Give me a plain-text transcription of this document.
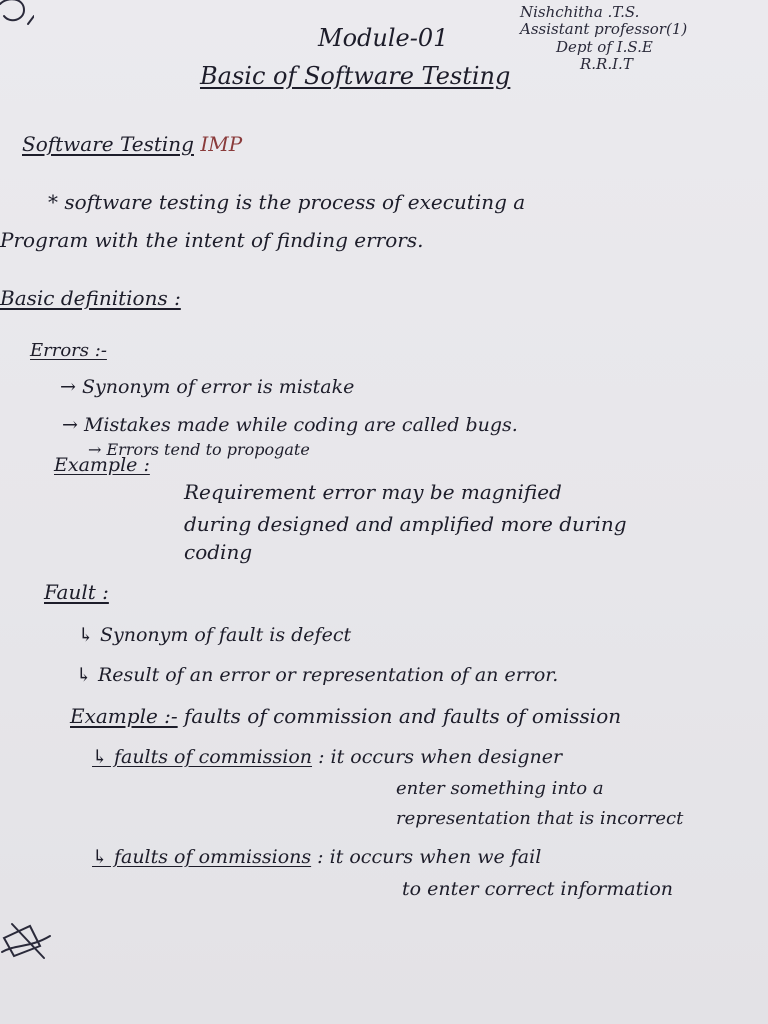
Module-01
Basic of Software Testing
Nishchitha .T.S.
Assistant professor(1)
Dept of I.S.E
R.R.I.T
Software Testing IMP
* software testing is the process of executing a
Program with the intent of finding errors.
Basic definitions :
Errors :-
→ Synonym of error is mistake
→ Mistakes made while coding are called bugs.
→ Errors tend to propogate
Example :
Requirement error may be magnified
during designed and amplified more during
coding
Fault :
↳ Synonym of fault is defect
↳ Result of an error or representation of an error.
Example :- faults of commission and faults of omission
↳ faults of commission : it occurs when designer
enter something into a
representation that is incorrect
↳ faults of ommissions : it occurs when we fail
to enter correct information
